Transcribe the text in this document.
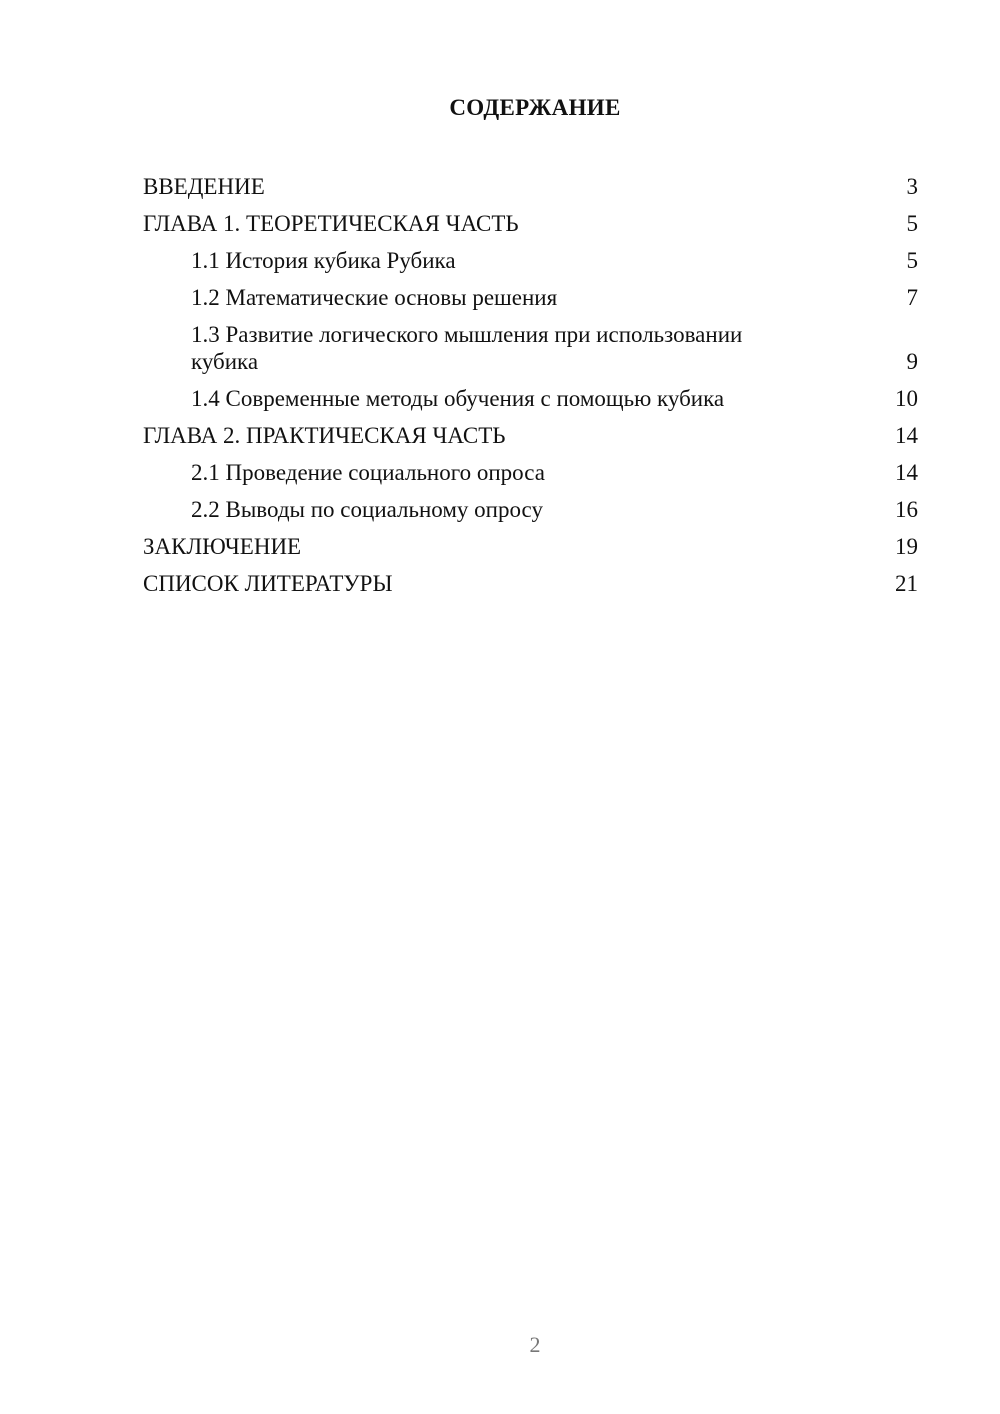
СОДЕРЖАНИЕ
ВВЕДЕНИЕ	3
ГЛАВА 1. ТЕОРЕТИЧЕСКАЯ ЧАСТЬ	5
1.1 История кубика Рубика	5
1.2 Математические основы решения	7
1.3 Развитие логического мышления при использовании кубика	9
1.4 Современные методы обучения с помощью кубика	10
ГЛАВА 2. ПРАКТИЧЕСКАЯ ЧАСТЬ	14
2.1 Проведение социального опроса	14
2.2 Выводы по социальному опросу	16
ЗАКЛЮЧЕНИЕ	19
СПИСОК ЛИТЕРАТУРЫ	21
2
